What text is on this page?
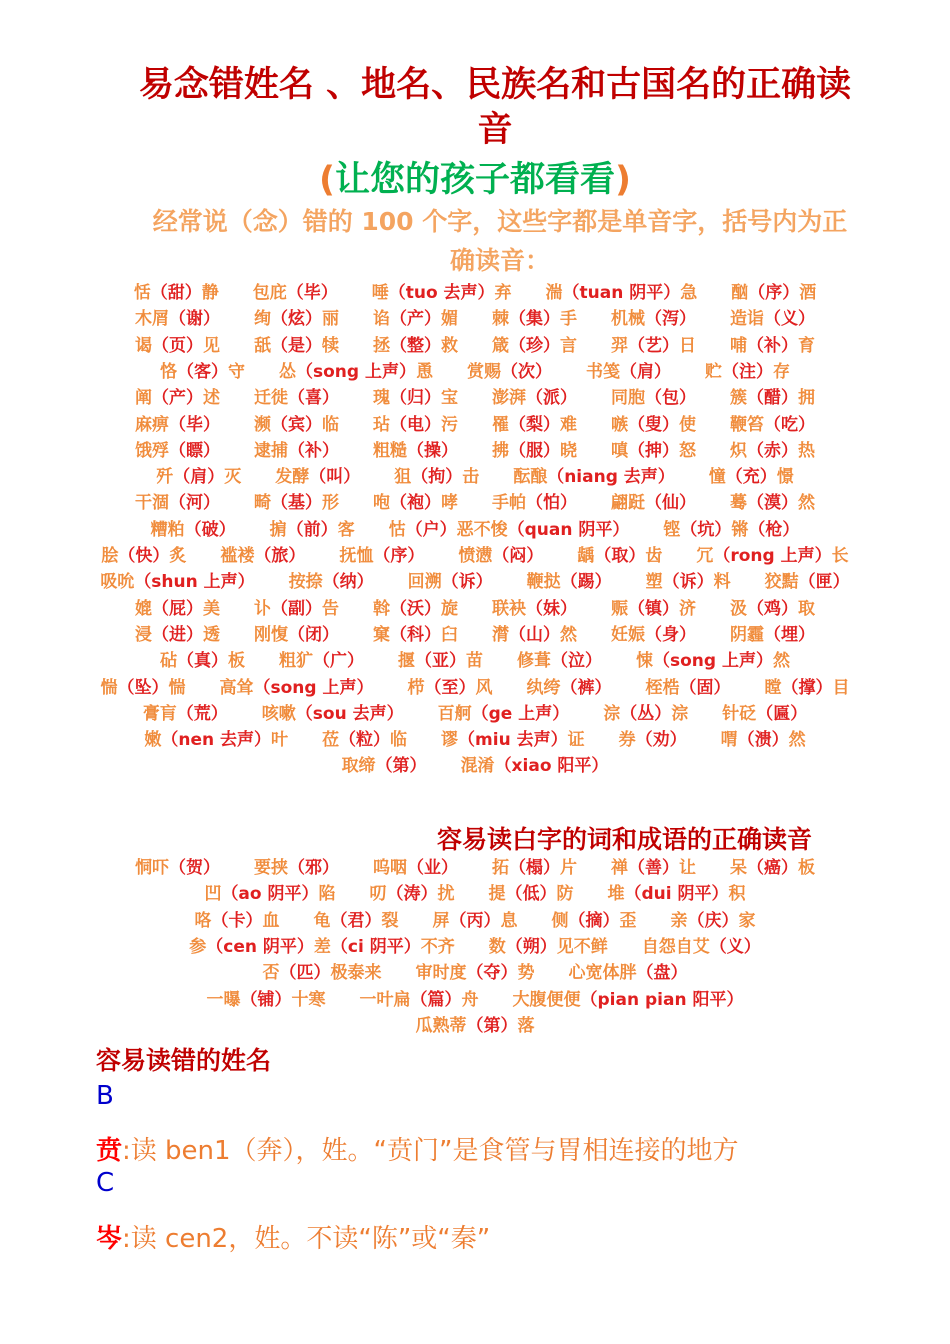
易念错姓名 、地名、民族名和古国名的正确读
音
(让您的孩子都看看)
经常说（念）错的 100 个字，这些字都是单音字，括号内为正
确读音：
恬（甜）静 包庇（毕） 唾（tuo 去声）弃 湍（tuan 阴平）急 酗（序）酒
木屑（谢） 绚（炫）丽 谄（产）媚 棘（集）手 机械（泻） 造诣（义）
谒（页）见 舐（是）犊 拯（整）救 箴（珍）言 羿（艺）日 哺（补）育
恪（客）守 怂（song 上声）恿 赏赐（次） 书笺（肩） 贮（注）存
阐（产）述 迁徙（喜） 瑰（归）宝 澎湃（派） 同胞（包） 簇（醋）拥
麻痹（毕） 濒（宾）临 玷（电）污 罹（梨）难 嗾（叟）使 鞭笞（吃）
饿殍（瞟） 逮捕（补） 粗糙（操） 拂（服）晓 嗔（抻）怒 炽（赤）热
歼（肩）灭 发酵（叫） 狙（拘）击 酝酿（niang 去声） 憧（充）憬
干涸（河） 畸（基）形 咆（袍）哮 手帕（怕） 翩跹（仙） 蓦（漠）然
糟粕（破） 掮（前）客 怙（户）恶不悛（quan 阴平） 铿（坑）锵（枪）
脍（快）炙 褴褛（旅） 抚恤（序） 愤懑（闷） 龋（取）齿 冗（rong 上声）长
吸吮（shun 上声） 按捺（纳） 回溯（诉） 鞭挞（踢） 塑（诉）料 狡黠（匣）
媲（屁）美 讣（副）告 斡（沃）旋 联袂（妹） 赈（镇）济 汲（鸡）取
浸（进）透 刚愎（闭） 窠（科）臼 潸（山）然 妊娠（身） 阴霾（埋）
砧（真）板 粗犷（广） 揠（亚）苗 修葺（泣） 悚（song 上声）然
惴（坠）惴 高耸（song 上声） 栉（至）风 纨绔（裤） 桎梏（固） 瞠（撑）目
膏肓（荒） 咳嗽（sou 去声） 百舸（ge 上声） 淙（丛）淙 针砭（匾）
嫩（nen 去声）叶 莅（粒）临 谬（miu 去声）证 券（劝） 喟（溃）然
取缔（第） 混淆（xiao 阳平）
容易读白字的词和成语的正确读音
恫吓（贺） 要挟（邪） 呜咽（业） 拓（榻）片 禅（善）让 呆（癌）板
凹（ao 阴平）陷 叨（涛）扰 提（低）防 堆（dui 阴平）积
咯（卡）血 龟（君）裂 屏（丙）息 侧（摘）歪 亲（庆）家
参（cen 阴平）差（ci 阴平）不齐 数（朔）见不鲜 自怨自艾（义）
否（匹）极泰来 审时度（夺）势 心宽体胖（盘）
一曝（铺）十寒 一叶扁（篇）舟 大腹便便（pian pian 阳平）
瓜熟蒂（第）落
容易读错的姓名
B
贲:读 ben1（奔），姓。“贲门”是食管与胃相连接的地方
C
岑:读 cen2，姓。不读“陈”或“秦”
